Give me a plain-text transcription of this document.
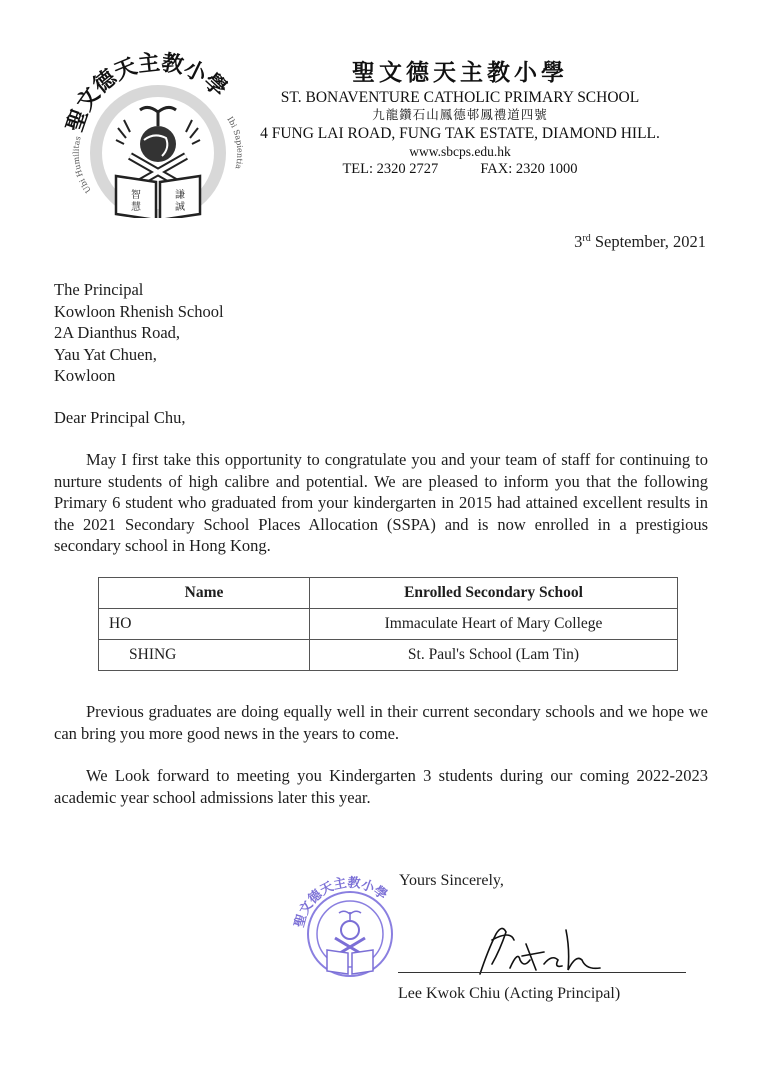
聖文德天主教小學
Ubi Humilitas
Ibi Sapientia
智
慧
謙
誠
聖文德天主教小學
ST. BONAVENTURE CATHOLIC PRIMARY SCHOOL
九龍鑽石山鳳德邨鳳禮道四號
4 FUNG LAI ROAD, FUNG TAK ESTATE, DIAMOND HILL.
www.sbcps.edu.hk
TEL: 2320 2727	FAX: 2320 1000
3rd September, 2021
The Principal
Kowloon Rhenish School
2A Dianthus Road,
Yau Yat Chuen,
Kowloon
Dear Principal Chu,
May I first take this opportunity to congratulate you and your team of staff for continuing to nurture students of high calibre and potential. We are pleased to inform you that the following Primary 6 student who graduated from your kindergarten in 2015 had attained excellent results in the 2021 Secondary School Places Allocation (SSPA) and is now enrolled in a prestigious secondary school in Hong Kong.
Name	Enrolled Secondary School
HO	Immaculate Heart of Mary College
SHING	St. Paul's School (Lam Tin)
Previous graduates are doing equally well in their current secondary schools and we hope we can bring you more good news in the years to come.
We Look forward to meeting you Kindergarten 3 students during our coming 2022-2023 academic year school admissions later this year.
Yours Sincerely,
聖文德天主教小學
Lee Kwok Chiu (Acting Principal)
